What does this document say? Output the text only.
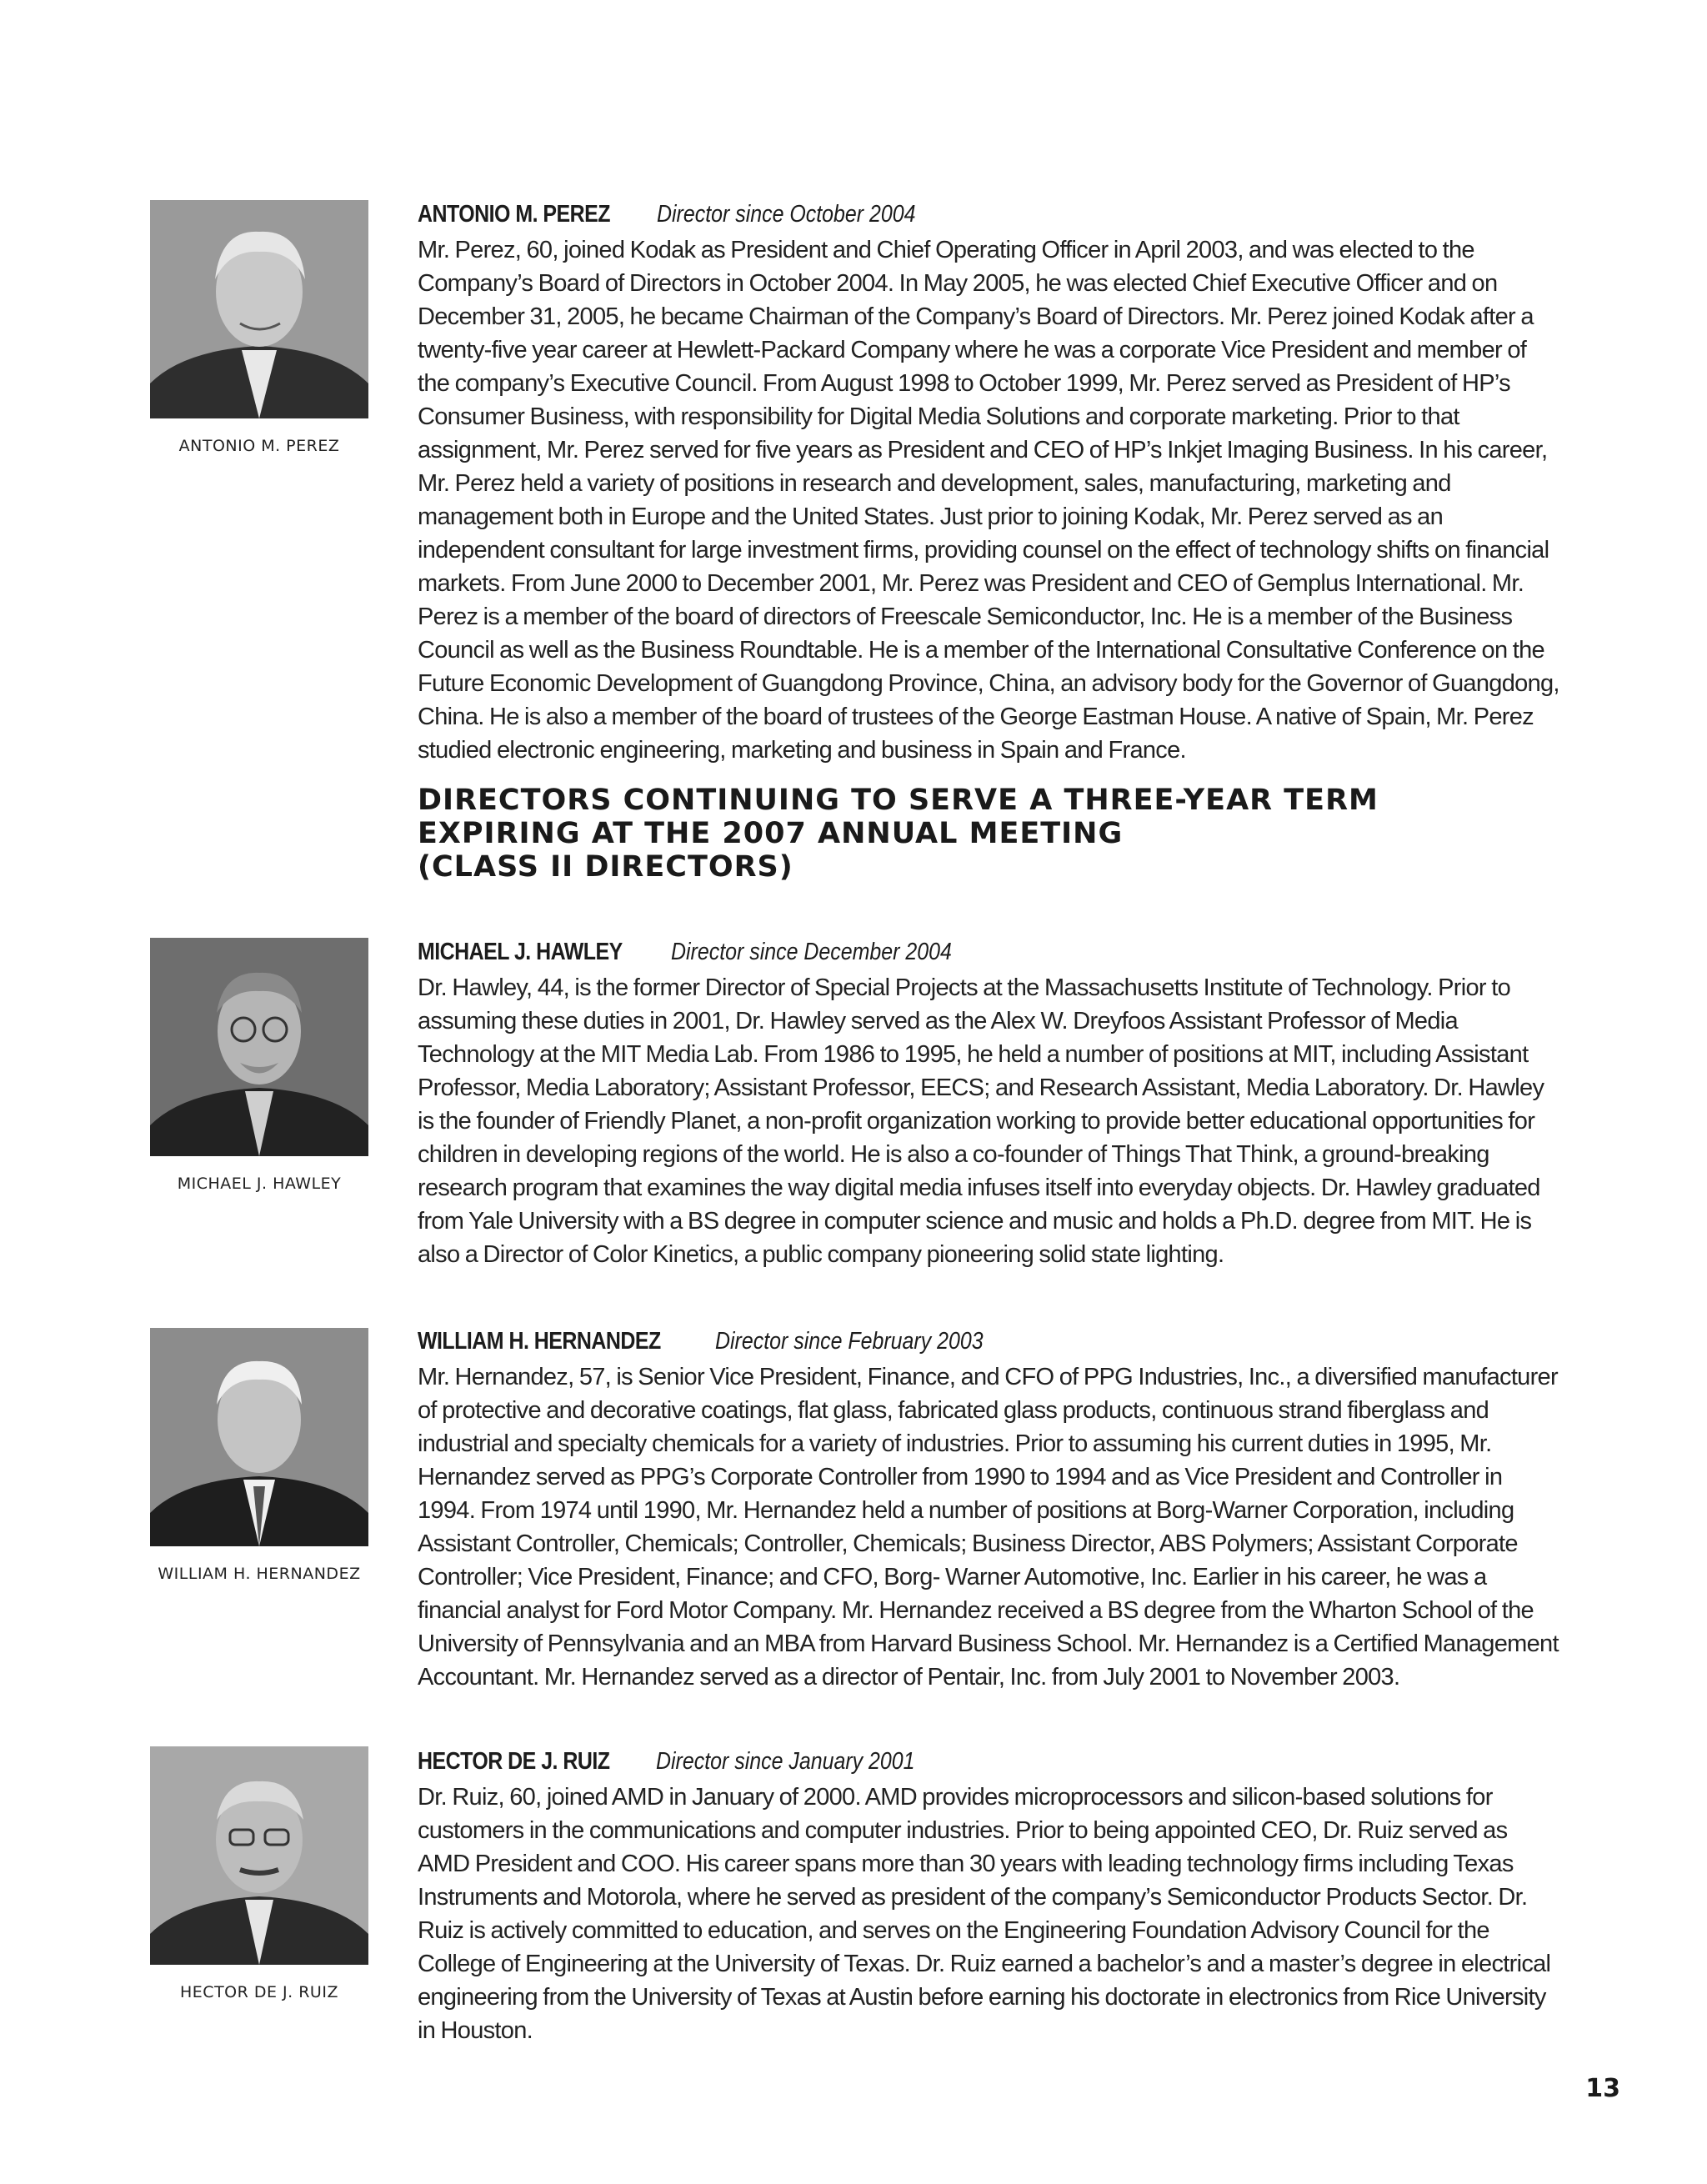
ANTONIO M. PEREZ
ANTONIO M. PEREZ Director since October 2004
Mr. Perez, 60, joined Kodak as President and Chief Operating Officer in April 2003, and was elected to the Company’s Board of Directors in October 2004. In May 2005, he was elected Chief Executive Officer and on December 31, 2005, he became Chairman of the Company’s Board of Directors. Mr. Perez joined Kodak after a twenty-five year career at Hewlett-Packard Company where he was a corporate Vice President and member of the company’s Executive Council. From August 1998 to October 1999, Mr. Perez served as President of HP’s Consumer Business, with responsibility for Digital Media Solutions and corporate marketing. Prior to that assignment, Mr. Perez served for five years as President and CEO of HP’s Inkjet Imaging Business. In his career, Mr. Perez held a variety of positions in research and development, sales, manufacturing, marketing and management both in Europe and the United States. Just prior to joining Kodak, Mr. Perez served as an independent consultant for large investment firms, providing counsel on the effect of technology shifts on financial markets. From June 2000 to December 2001, Mr. Perez was President and CEO of Gemplus International. Mr. Perez is a member of the board of directors of Freescale Semiconductor, Inc. He is a member of the Business Council as well as the Business Roundtable. He is a member of the International Consultative Conference on the Future Economic Development of Guangdong Province, China, an advisory body for the Governor of Guangdong, China. He is also a member of the board of trustees of the George Eastman House. A native of Spain, Mr. Perez studied electronic engineering, marketing and business in Spain and France.
DIRECTORS CONTINUING TO SERVE A THREE-YEAR TERM
EXPIRING AT THE 2007 ANNUAL MEETING
(CLASS II DIRECTORS)
MICHAEL J. HAWLEY
MICHAEL J. HAWLEY Director since December 2004
Dr. Hawley, 44, is the former Director of Special Projects at the Massachusetts Institute of Technology. Prior to assuming these duties in 2001, Dr. Hawley served as the Alex W. Dreyfoos Assistant Professor of Media Technology at the MIT Media Lab. From 1986 to 1995, he held a number of positions at MIT, including Assistant Professor, Media Laboratory; Assistant Professor, EECS; and Research Assistant, Media Laboratory. Dr. Hawley is the founder of Friendly Planet, a non-profit organization working to provide better educational opportunities for children in developing regions of the world. He is also a co-founder of Things That Think, a ground-breaking research program that examines the way digital media infuses itself into everyday objects. Dr. Hawley graduated from Yale University with a BS degree in computer science and music and holds a Ph.D. degree from MIT. He is also a Director of Color Kinetics, a public company pioneering solid state lighting.
WILLIAM H. HERNANDEZ
WILLIAM H. HERNANDEZ Director since February 2003
Mr. Hernandez, 57, is Senior Vice President, Finance, and CFO of PPG Industries, Inc., a diversified manufacturer of protective and decorative coatings, flat glass, fabricated glass products, continuous strand fiberglass and industrial and specialty chemicals for a variety of industries. Prior to assuming his current duties in 1995, Mr. Hernandez served as PPG’s Corporate Controller from 1990 to 1994 and as Vice President and Controller in 1994. From 1974 until 1990, Mr. Hernandez held a number of positions at Borg-Warner Corporation, including Assistant Controller, Chemicals; Controller, Chemicals; Business Director, ABS Polymers; Assistant Corporate Controller; Vice President, Finance; and CFO, Borg- Warner Automotive, Inc. Earlier in his career, he was a financial analyst for Ford Motor Company. Mr. Hernandez received a BS degree from the Wharton School of the University of Pennsylvania and an MBA from Harvard Business School. Mr. Hernandez is a Certified Management Accountant. Mr. Hernandez served as a director of Pentair, Inc. from July 2001 to November 2003.
HECTOR DE J. RUIZ
HECTOR DE J. RUIZ Director since January 2001
Dr. Ruiz, 60, joined AMD in January of 2000. AMD provides microprocessors and silicon-based solutions for customers in the communications and computer industries. Prior to being appointed CEO, Dr. Ruiz served as AMD President and COO. His career spans more than 30 years with leading technology firms including Texas Instruments and Motorola, where he served as president of the company’s Semiconductor Products Sector. Dr. Ruiz is actively committed to education, and serves on the Engineering Foundation Advisory Council for the College of Engineering at the University of Texas. Dr. Ruiz earned a bachelor’s and a master’s degree in electrical engineering from the University of Texas at Austin before earning his doctorate in electronics from Rice University in Houston.
13
